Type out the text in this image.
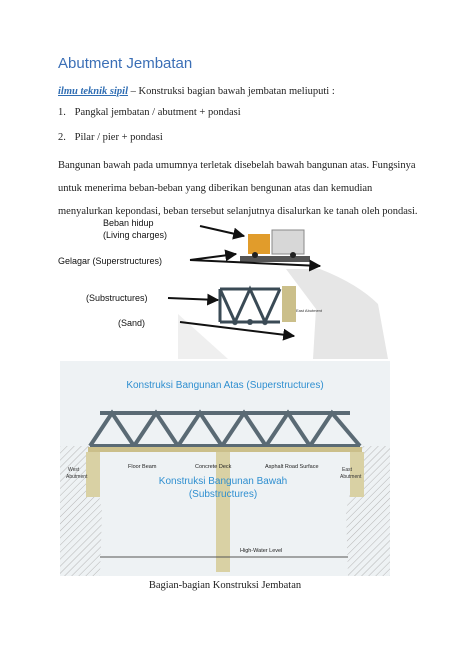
Abutment Jembatan
ilmu teknik sipil – Konstruksi bagian bawah jembatan meliuputi :
1. Pangkal jembatan / abutment + pondasi
2. Pilar / pier + pondasi
Bangunan bawah pada umumnya terletak disebelah bawah bangunan atas. Fungsinya untuk menerima beban-beban yang diberikan bengunan atas dan kemudian menyalurkan kepondasi, beban tersebut selanjutnya disalurkan ke tanah oleh pondasi.
East Abutment
Beban hidup
(Living charges)
Gelagar (Superstructures)
(Substructures)
(Sand)
Konstruksi Bangunan Atas (Superstructures)
Floor Beam	Concrete Deck	Asphalt Road Surface
West
Abutment
East
Abutment
Konstruksi Bangunan Bawah
(Substructures)
High-Water Level
Bagian-bagian Konstruksi Jembatan
